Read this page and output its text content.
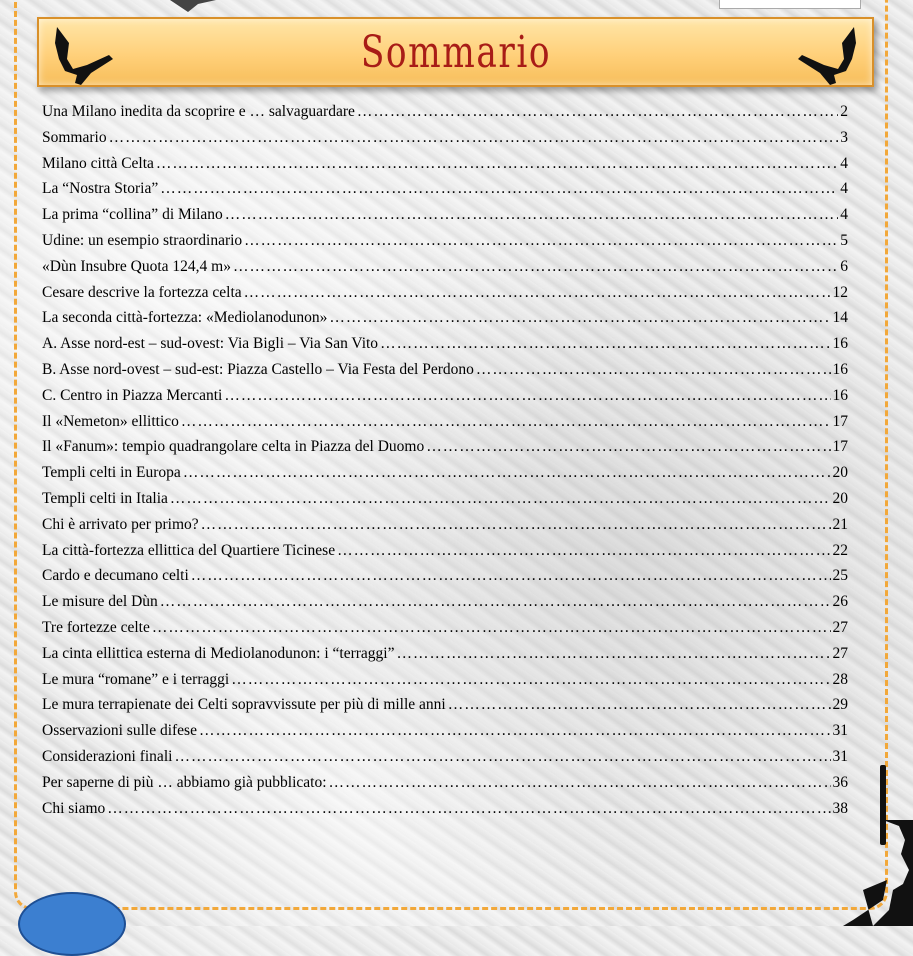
Sommario
Una Milano inedita da scoprire e … salvaguardare ……………………………………………………………………………………………………………………………………………………………………………………………………	2
Sommario ……………………………………………………………………………………………………………………………………………………………………………………………………	3
Milano città Celta ……………………………………………………………………………………………………………………………………………………………………………………………………	4
La “Nostra Storia” ……………………………………………………………………………………………………………………………………………………………………………………………………	4
La prima “collina” di Milano ……………………………………………………………………………………………………………………………………………………………………………………………………	4
Udine: un esempio straordinario ……………………………………………………………………………………………………………………………………………………………………………………………………	5
«Dùn Insubre Quota 124,4 m» ……………………………………………………………………………………………………………………………………………………………………………………………………	6
Cesare descrive la fortezza celta ……………………………………………………………………………………………………………………………………………………………………………………………………	12
La seconda città-fortezza: «Mediolanodunon» ……………………………………………………………………………………………………………………………………………………………………………………………………	14
A. Asse nord-est – sud-ovest: Via Bigli – Via San Vito ……………………………………………………………………………………………………………………………………………………………………………………………………	16
B. Asse nord-ovest – sud-est: Piazza Castello – Via Festa del Perdono ……………………………………………………………………………………………………………………………………………………………………………………………………	16
C. Centro in Piazza Mercanti ……………………………………………………………………………………………………………………………………………………………………………………………………	16
Il «Nemeton» ellittico ……………………………………………………………………………………………………………………………………………………………………………………………………	17
Il «Fanum»: tempio quadrangolare celta in Piazza del Duomo ……………………………………………………………………………………………………………………………………………………………………………………………………	17
Templi celti in Europa ……………………………………………………………………………………………………………………………………………………………………………………………………	20
Templi celti in Italia ……………………………………………………………………………………………………………………………………………………………………………………………………	20
Chi è arrivato per primo? ……………………………………………………………………………………………………………………………………………………………………………………………………	21
La città-fortezza ellittica del Quartiere Ticinese ……………………………………………………………………………………………………………………………………………………………………………………………………	22
Cardo e decumano celti ……………………………………………………………………………………………………………………………………………………………………………………………………	25
Le misure del Dùn ……………………………………………………………………………………………………………………………………………………………………………………………………	26
Tre fortezze celte ……………………………………………………………………………………………………………………………………………………………………………………………………	27
La cinta ellittica esterna di Mediolanodunon: i “terraggi” ……………………………………………………………………………………………………………………………………………………………………………………………………	27
Le mura “romane” e i terraggi ……………………………………………………………………………………………………………………………………………………………………………………………………	28
Le mura terrapienate dei Celti sopravvissute per più di mille anni ……………………………………………………………………………………………………………………………………………………………………………………………………	29
Osservazioni sulle difese ……………………………………………………………………………………………………………………………………………………………………………………………………	31
Considerazioni finali ……………………………………………………………………………………………………………………………………………………………………………………………………	31
Per saperne di più … abbiamo già pubblicato: ……………………………………………………………………………………………………………………………………………………………………………………………………	36
Chi siamo ……………………………………………………………………………………………………………………………………………………………………………………………………	38
